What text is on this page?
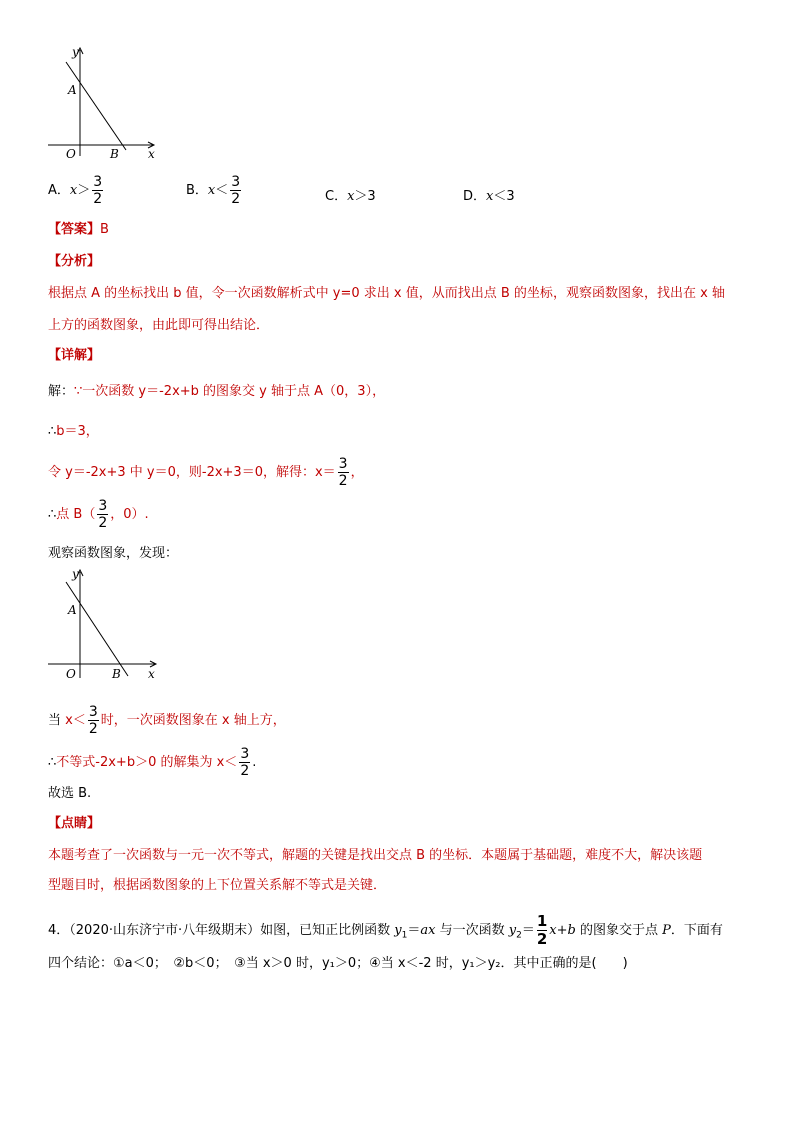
y
x
A
B
O
A．$x> \frac{3}{2}$	B．$x< \frac{3}{2}$	C．x＞3	D．x＜3
【答案】B
【分析】
根据点 A 的坐标找出 b 值，令一次函数解析式中 y=0 求出 x 值，从而找出点 B 的坐标，观察函数图象，找出在 x 轴
上方的函数图象，由此即可得出结论．
【详解】
解：∵一次函数 y＝-2x+b 的图象交 y 轴于点 A（0，3），
∴b＝3，
令 y＝-2x+3 中 y＝0，则-2x+3＝0，解得：$x= \frac{3}{2}$ ，
∴点 $B( \frac{3}{2}$ ，0）.
观察函数图象，发现：
y
x
A
B
O
当 $x< \frac{3}{2}$ 时，一次函数图象在 x 轴上方，
∴不等式-2x+b＞0 的解集为 $x< \frac{3}{2}$ .
故选 B.
【点睛】
本题考查了一次函数与一元一次不等式，解题的关键是找出交点 B 的坐标．本题属于基础题，难度不大，解决该题
型题目时，根据函数图象的上下位置关系解不等式是关键．
4．（2020·山东济宁市·八年级期末）如图，已知正比例函数 $y_1=ax$ 与一次函数 $y_2= \frac{1}{2} x+b$ 的图象交于点 P．下面有
四个结论：①a＜0；　②b＜0；　③当 x＞0 时，y₁＞0；④当 x＜-2 时，y₁＞y₂．其中正确的是(　　)
